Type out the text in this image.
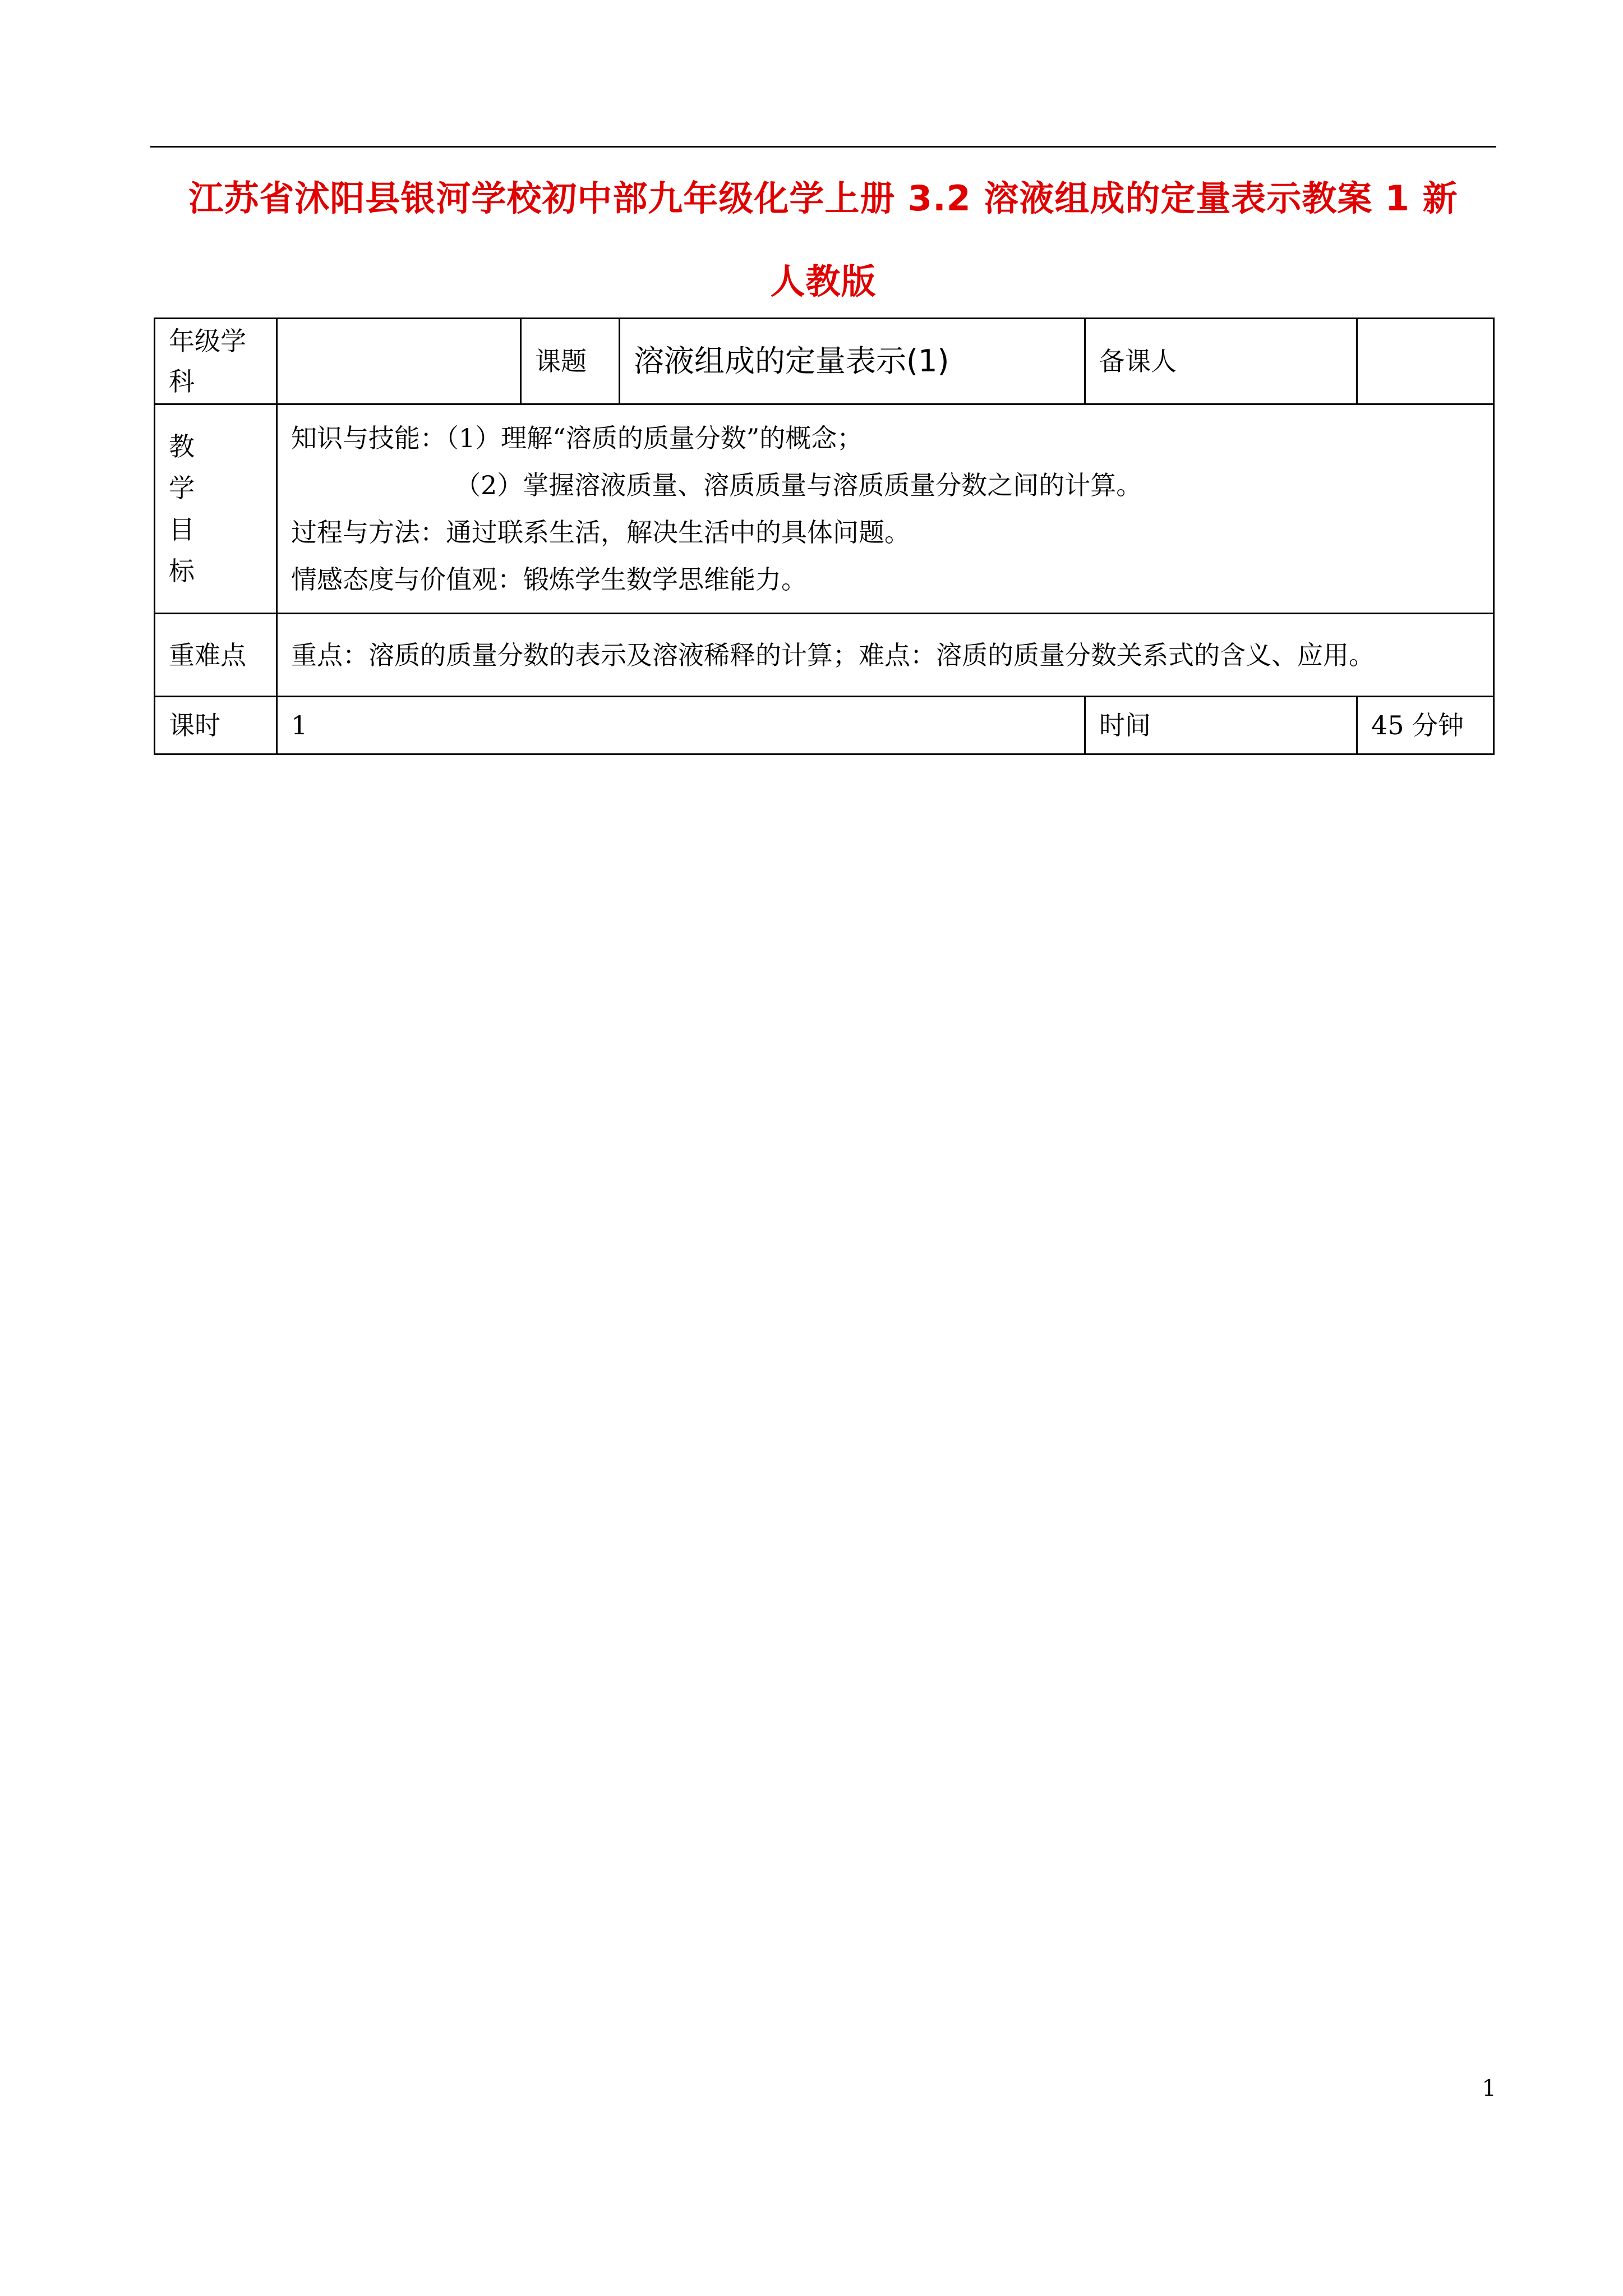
江苏省沭阳县银河学校初中部九年级化学上册 3.2 溶液组成的定量表示教案 1 新
人教版
年级学科		课题	溶液组成的定量表示(1)	备课人	

教
学
目
标	知识与技能：（1）理解“溶质的质量分数”的概念；
（2）掌握溶液质量、溶质质量与溶质质量分数之间的计算。
过程与方法：通过联系生活，解决生活中的具体问题。
情感态度与价值观：锻炼学生数学思维能力。				

重难点	重点：溶质的质量分数的表示及溶液稀释的计算；难点：溶质的质量分数关系式的含义、应用。				
课时	1			时间	45 分钟
1
